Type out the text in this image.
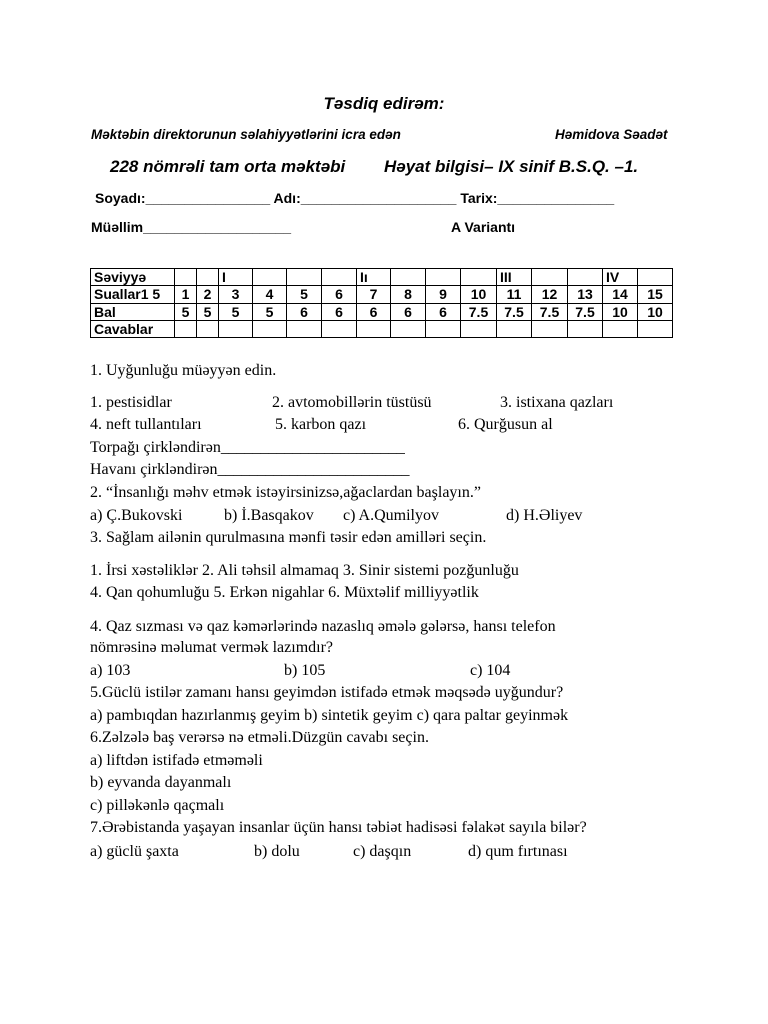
Təsdiq edirəm:
Məktəbin direktorunun səlahiyyətlərini icra edən	Həmidova Səadət
228 nömrəli tam orta məktəbi Həyat bilgisi– IX sinif B.S.Q. –1.
Soyadı:________________ Adı:____________________ Tarix:_______________
Müəllim___________________	A Variantı
Səviyyə			I				Iı				III			IV	
Suallar1 5	1	2	3	4	5	6	7	8	9	10	11	12	13	14	15
Bal	5	5	5	5	6	6	6	6	6	7.5	7.5	7.5	7.5	10	10
Cavablar															
1. Uyğunluğu müəyyən edin.
1. pestisidlar	2. avtomobillərin tüstüsü	3. istixana qazları
4. neft tullantıları	5. karbon qazı	6. Qurğusun al
Torpağı çirkləndirən_______________________
Havanı çirkləndirən________________________
2. “İnsanlığı məhv etmək istəyirsinizsə,ağaclardan başlayın.”
a) Ç.Bukovski	b) İ.Basqakov c) A.Qumilyov	d) H.Əliyev
3. Sağlam ailənin qurulmasına mənfi təsir edən amilləri seçin.
1. İrsi xəstəliklər 2. Ali təhsil almamaq 3. Sinir sistemi pozğunluğu
4. Qan qohumluğu 5. Erkən nigahlar 6. Müxtəlif milliyyətlik
4. Qaz sızması və qaz kəmərlərində nazaslıq əmələ gələrsə, hansı telefon
nömrəsinə məlumat vermək lazımdır?
a) 103	b) 105	c) 104
5.Güclü istilər zamanı hansı geyimdən istifadə etmək məqsədə uyğundur?
a) pambıqdan hazırlanmış geyim b) sintetik geyim c) qara paltar geyinmək
6.Zəlzələ baş verərsə nə etməli.Düzgün cavabı seçin.
a) liftdən istifadə etməməli
b) eyvanda dayanmalı
c) pilləkənlə qaçmalı
7.Ərəbistanda yaşayan insanlar üçün hansı təbiət hadisəsi fəlakət sayıla bilər?
a) güclü şaxta	b) dolu	c) daşqın	d) qum fırtınası
